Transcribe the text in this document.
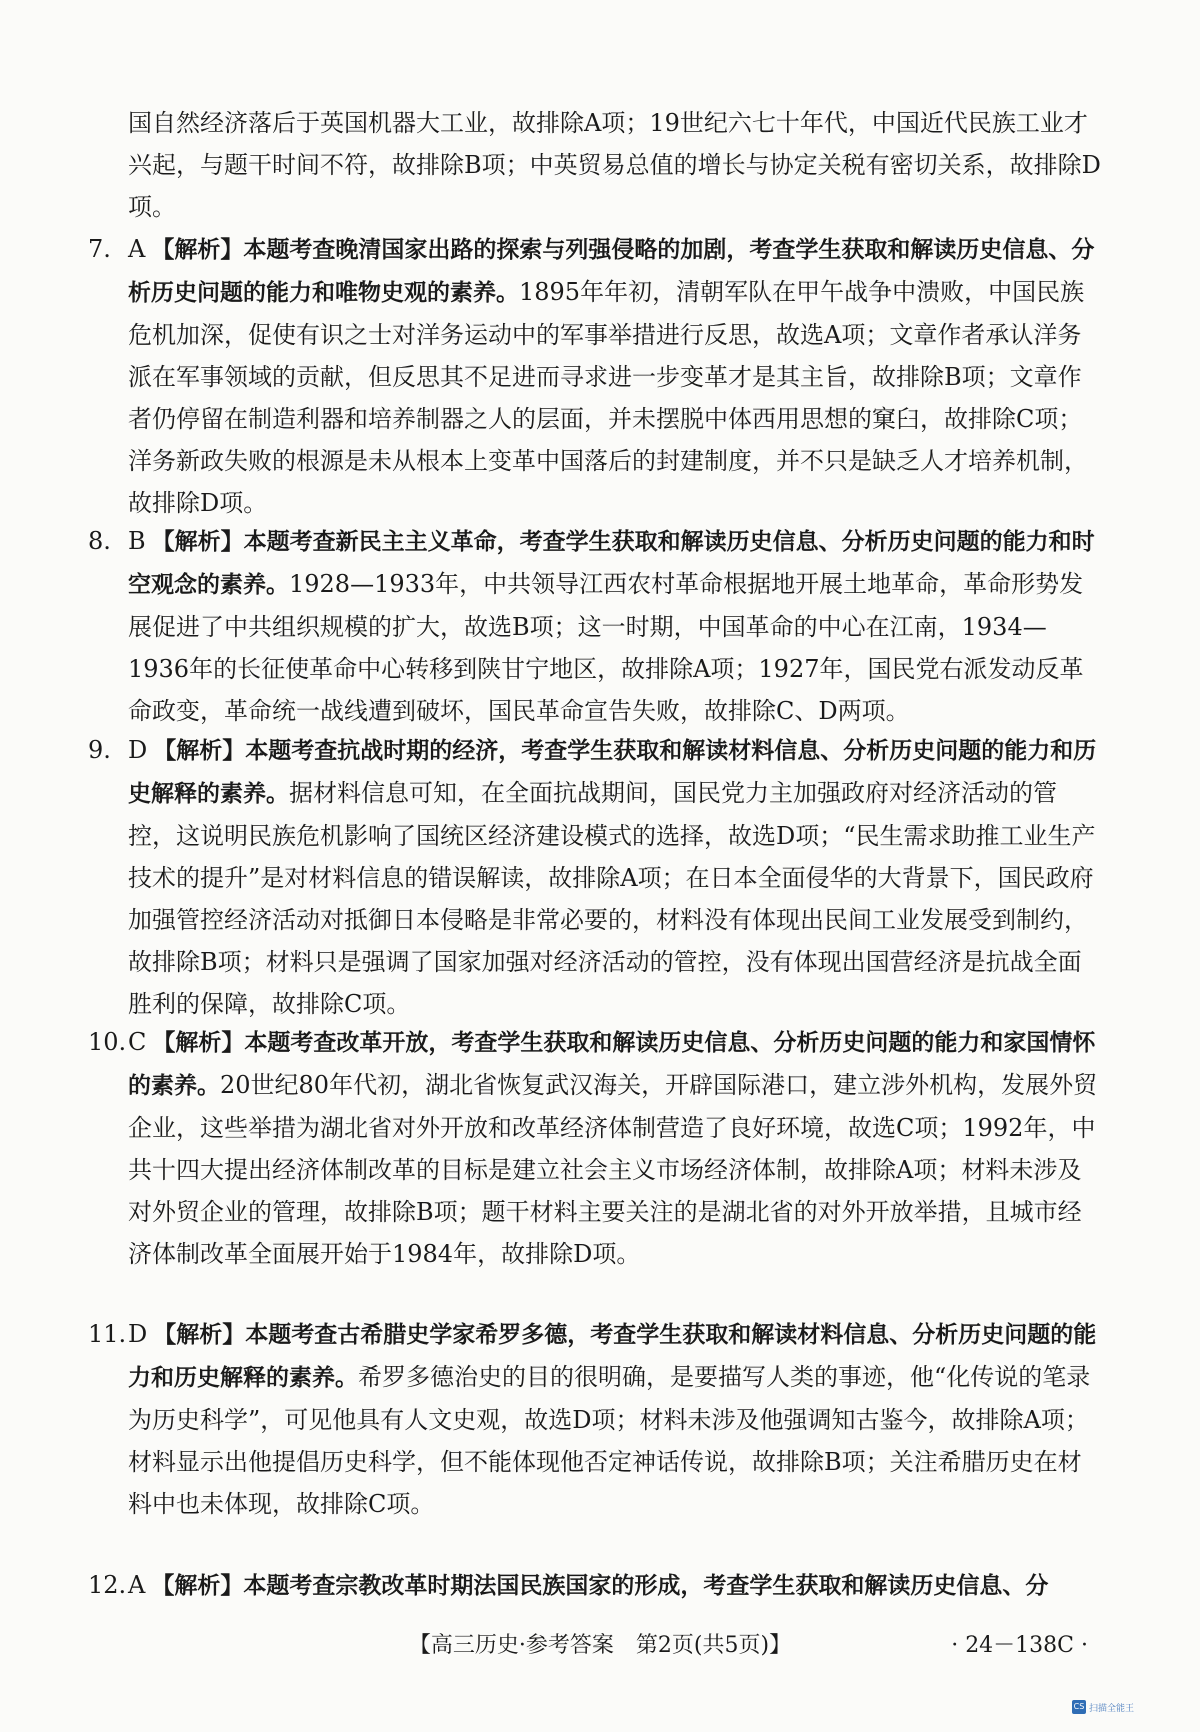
国自然经济落后于英国机器大工业，故排除A项；19世纪六七十年代，中国近代民族工业才兴起，与题干时间不符，故排除B项；中英贸易总值的增长与协定关税有密切关系，故排除D项。

7. A 【解析】本题考查晚清国家出路的探索与列强侵略的加剧，考查学生获取和解读历史信息、分析历史问题的能力和唯物史观的素养。1895年年初，清朝军队在甲午战争中溃败，中国民族危机加深，促使有识之士对洋务运动中的军事举措进行反思，故选A项；文章作者承认洋务派在军事领域的贡献，但反思其不足进而寻求进一步变革才是其主旨，故排除B项；文章作者仍停留在制造利器和培养制器之人的层面，并未摆脱中体西用思想的窠臼，故排除C项；洋务新政失败的根源是未从根本上变革中国落后的封建制度，并不只是缺乏人才培养机制，故排除D项。
8. B 【解析】本题考查新民主主义革命，考查学生获取和解读历史信息、分析历史问题的能力和时空观念的素养。1928—1933年，中共领导江西农村革命根据地开展土地革命，革命形势发展促进了中共组织规模的扩大，故选B项；这一时期，中国革命的中心在江南，1934—1936年的长征使革命中心转移到陕甘宁地区，故排除A项；1927年，国民党右派发动反革命政变，革命统一战线遭到破坏，国民革命宣告失败，故排除C、D两项。
9. D 【解析】本题考查抗战时期的经济，考查学生获取和解读材料信息、分析历史问题的能力和历史解释的素养。据材料信息可知，在全面抗战期间，国民党力主加强政府对经济活动的管控，这说明民族危机影响了国统区经济建设模式的选择，故选D项；“民生需求助推工业生产技术的提升”是对材料信息的错误解读，故排除A项；在日本全面侵华的大背景下，国民政府加强管控经济活动对抵御日本侵略是非常必要的，材料没有体现出民间工业发展受到制约，故排除B项；材料只是强调了国家加强对经济活动的管控，没有体现出国营经济是抗战全面胜利的保障，故排除C项。
10. C 【解析】本题考查改革开放，考查学生获取和解读历史信息、分析历史问题的能力和家国情怀的素养。20世纪80年代初，湖北省恢复武汉海关，开辟国际港口，建立涉外机构，发展外贸企业，这些举措为湖北省对外开放和改革经济体制营造了良好环境，故选C项；1992年，中共十四大提出经济体制改革的目标是建立社会主义市场经济体制，故排除A项；材料未涉及对外贸企业的管理，故排除B项；题干材料主要关注的是湖北省的对外开放举措，且城市经济体制改革全面展开始于1984年，故排除D项。
11. D 【解析】本题考查古希腊史学家希罗多德，考查学生获取和解读材料信息、分析历史问题的能力和历史解释的素养。希罗多德治史的目的很明确，是要描写人类的事迹，他“化传说的笔录为历史科学”，可见他具有人文史观，故选D项；材料未涉及他强调知古鉴今，故排除A项；材料显示出他提倡历史科学，但不能体现他否定神话传说，故排除B项；关注希腊历史在材料中也未体现，故排除C项。
12. A 【解析】本题考查宗教改革时期法国民族国家的形成，考查学生获取和解读历史信息、分
【高三历史·参考答案　第2页(共5页)】	· 24－138C ·
CS 扫描全能王
